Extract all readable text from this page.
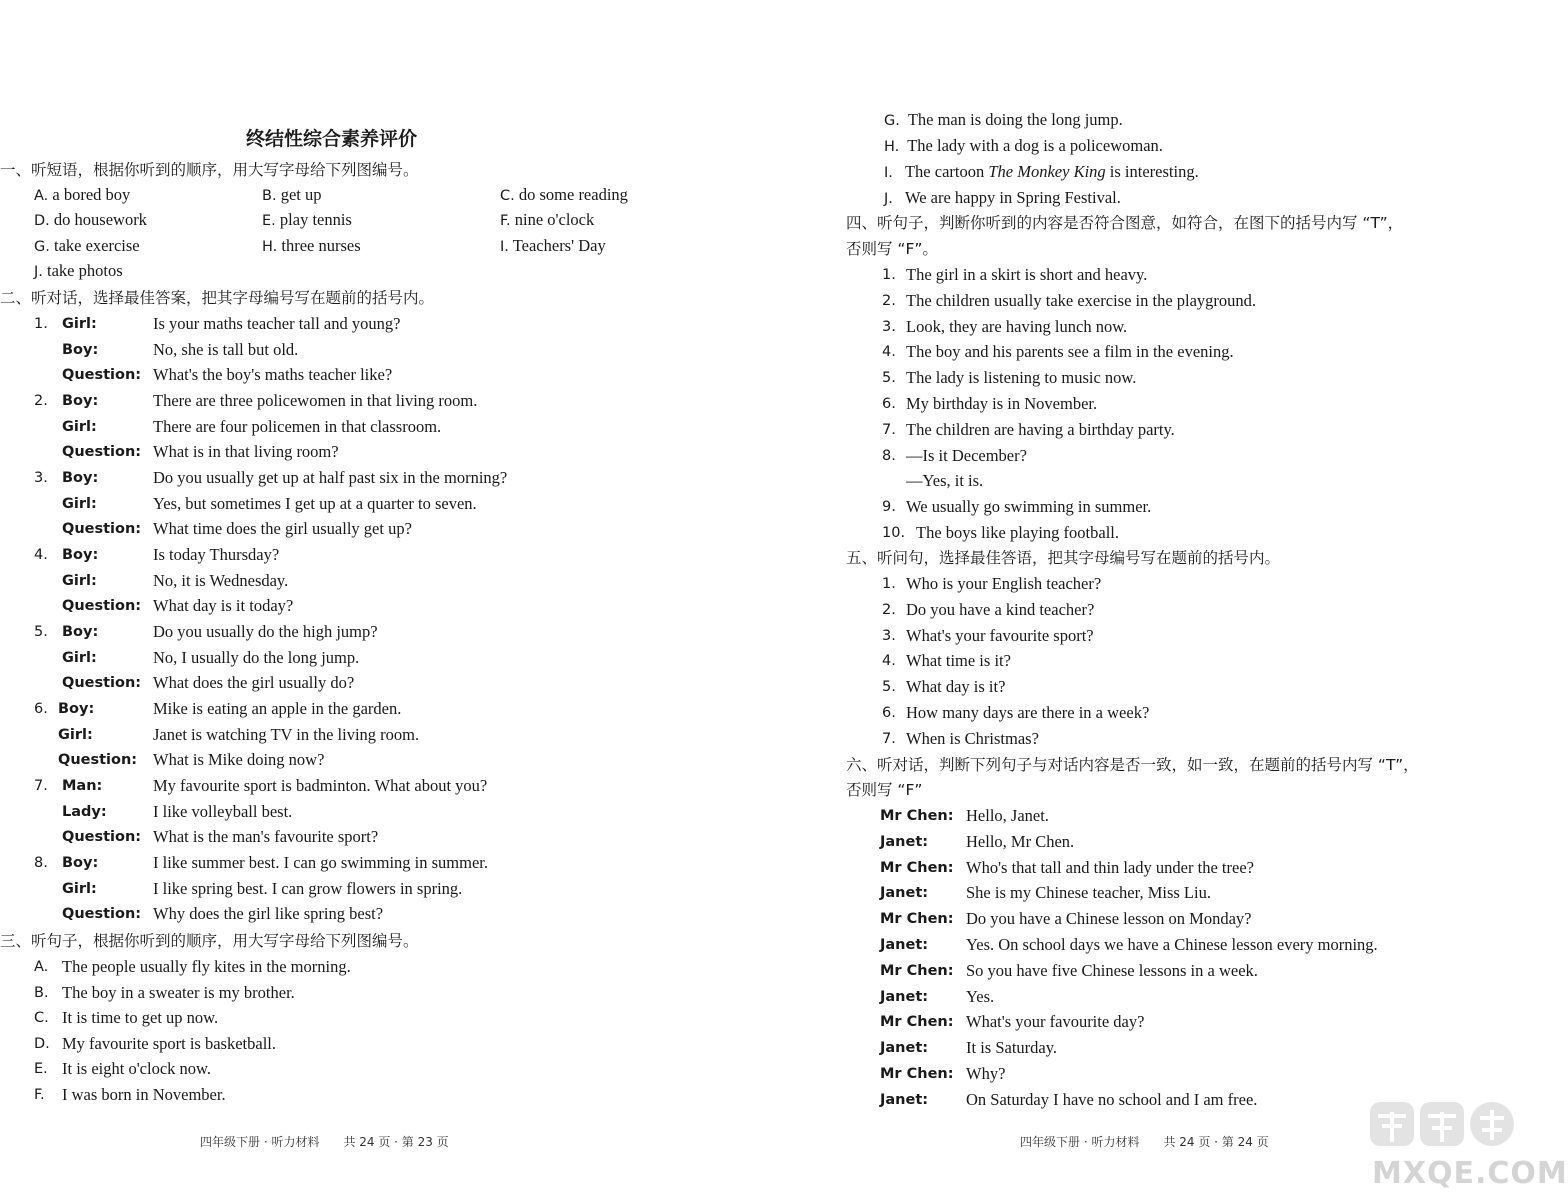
终结性综合素养评价
一、听短语，根据你听到的顺序，用大写字母给下列图编号。
A. a bored boy	B. get up	C. do some reading
D. do housework	E. play tennis	F. nine o'clock
G. take exercise	H. three nurses	I. Teachers' Day
J. take photos
二、听对话，选择最佳答案，把其字母编号写在题前的括号内。
1. Girl:	Is your maths teacher tall and young?
Boy:	No, she is tall but old.
Question: What's the boy's maths teacher like?
2. Boy:	There are three policewomen in that living room.
Girl:	There are four policemen in that classroom.
Question: What is in that living room?
3. Boy:	Do you usually get up at half past six in the morning?
Girl:	Yes, but sometimes I get up at a quarter to seven.
Question: What time does the girl usually get up?
4. Boy:	Is today Thursday?
Girl:	No, it is Wednesday.
Question: What day is it today?
5. Boy:	Do you usually do the high jump?
Girl:	No, I usually do the long jump.
Question: What does the girl usually do?
6. Boy:	Mike is eating an apple in the garden.
Girl:	Janet is watching TV in the living room.
Question: What is Mike doing now?
7. Man:	My favourite sport is badminton. What about you?
Lady:	I like volleyball best.
Question: What is the man's favourite sport?
8. Boy:	I like summer best. I can go swimming in summer.
Girl:	I like spring best. I can grow flowers in spring.
Question: Why does the girl like spring best?
三、听句子，根据你听到的顺序，用大写字母给下列图编号。
A. The people usually fly kites in the morning.
B. The boy in a sweater is my brother.
C. It is time to get up now.
D. My favourite sport is basketball.
E. It is eight o'clock now.
F. I was born in November.
四年级下册 · 听力材料　　共 24 页 · 第 23 页
G. The man is doing the long jump.
H. The lady with a dog is a policewoman.
I. The cartoon The Monkey King is interesting.
J. We are happy in Spring Festival.
四、听句子，判断你听到的内容是否符合图意，如符合，在图下的括号内写 “T”，
否则写 “F”。
1. The girl in a skirt is short and heavy.
2. The children usually take exercise in the playground.
3. Look, they are having lunch now.
4. The boy and his parents see a film in the evening.
5. The lady is listening to music now.
6. My birthday is in November.
7. The children are having a birthday party.
8. —Is it December?
—Yes, it is.
9. We usually go swimming in summer.
10. The boys like playing football.
五、听问句，选择最佳答语，把其字母编号写在题前的括号内。
1. Who is your English teacher?
2. Do you have a kind teacher?
3. What's your favourite sport?
4. What time is it?
5. What day is it?
6. How many days are there in a week?
7. When is Christmas?
六、听对话，判断下列句子与对话内容是否一致，如一致，在题前的括号内写 “T”，
否则写 “F”
Mr Chen: Hello, Janet.
Janet: Hello, Mr Chen.
Mr Chen: Who's that tall and thin lady under the tree?
Janet: She is my Chinese teacher, Miss Liu.
Mr Chen: Do you have a Chinese lesson on Monday?
Janet: Yes. On school days we have a Chinese lesson every morning.
Mr Chen: So you have five Chinese lessons in a week.
Janet: Yes.
Mr Chen: What's your favourite day?
Janet: It is Saturday.
Mr Chen: Why?
Janet: On Saturday I have no school and I am free.
四年级下册 · 听力材料　　共 24 页 · 第 24 页
MXQE.COM
